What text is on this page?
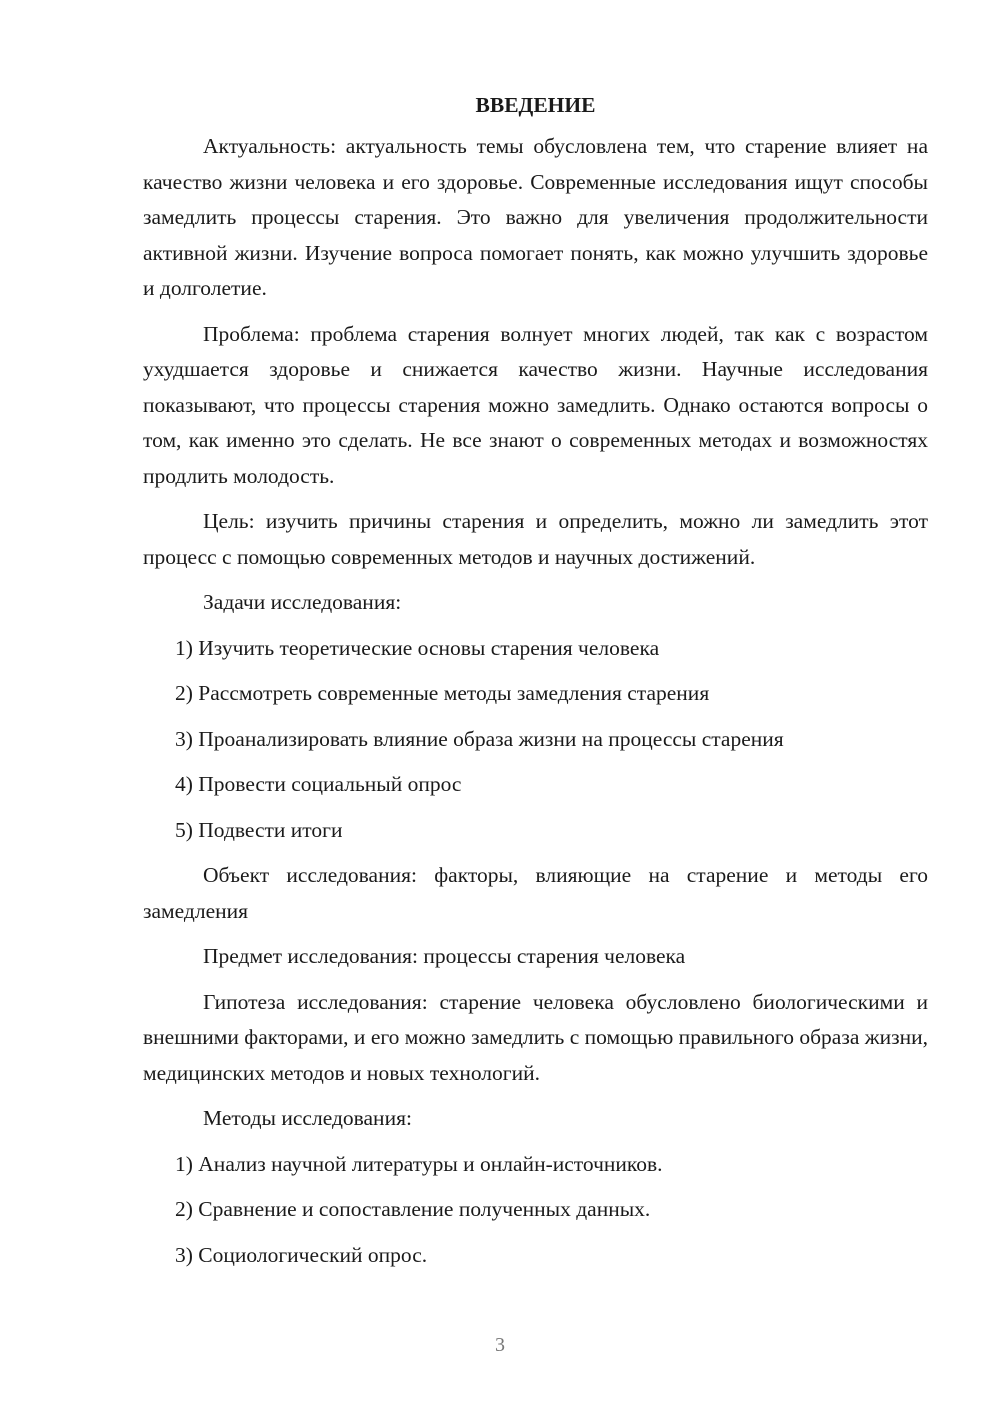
ВВЕДЕНИЕ

Актуальность: актуальность темы обусловлена тем, что старение влияет на качество жизни человека и его здоровье. Современные исследования ищут способы замедлить процессы старения. Это важно для увеличения продолжительности активной жизни. Изучение вопроса помогает понять, как можно улучшить здоровье и долголетие.

Проблема: проблема старения волнует многих людей, так как с возрастом ухудшается здоровье и снижается качество жизни. Научные исследования показывают, что процессы старения можно замедлить. Однако остаются вопросы о том, как именно это сделать. Не все знают о современных методах и возможностях продлить молодость.

Цель: изучить причины старения и определить, можно ли замедлить этот процесс с помощью современных методов и научных достижений.

Задачи исследования:

1) Изучить теоретические основы старения человека

2) Рассмотреть современные методы замедления старения

3) Проанализировать влияние образа жизни на процессы старения

4) Провести социальный опрос

5) Подвести итоги

Объект исследования: факторы, влияющие на старение и методы его замедления

Предмет исследования: процессы старения человека

Гипотеза исследования: старение человека обусловлено биологическими и внешними факторами, и его можно замедлить с помощью правильного образа жизни, медицинских методов и новых технологий.

Методы исследования:

1) Анализ научной литературы и онлайн-источников.

2) Сравнение и сопоставление полученных данных.

3) Социологический опрос.

3
